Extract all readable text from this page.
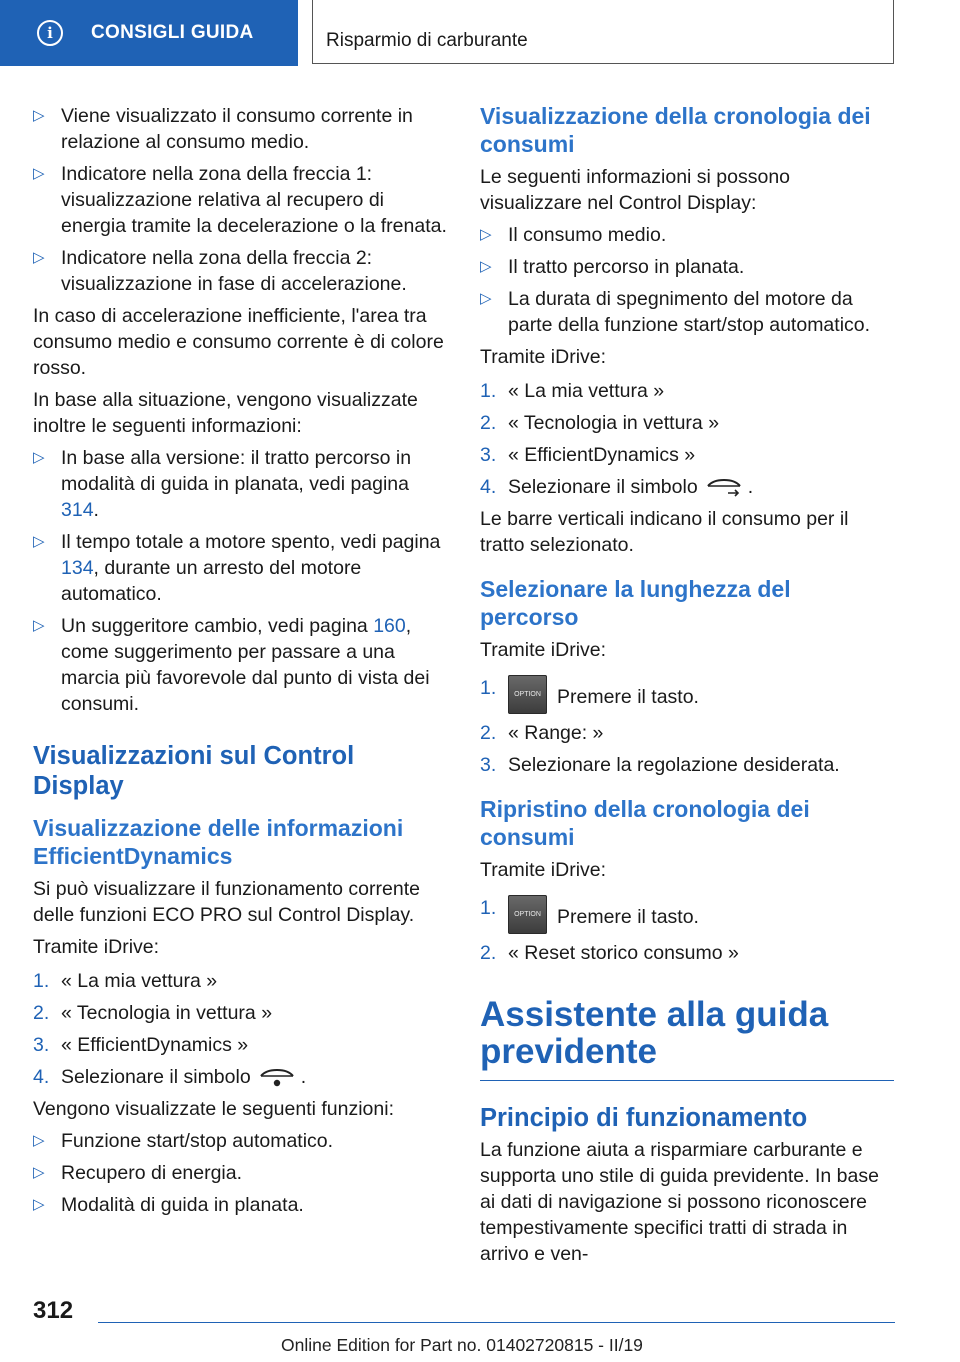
i	CONSIGLI GUIDA	Risparmio di carburante
▷ Viene visualizzato il consumo corrente in relazione al consumo medio.
▷ Indicatore nella zona della freccia 1: visualizzazione relativa al recupero di energia tramite la decelerazione o la frenata.
▷ Indicatore nella zona della freccia 2: visualizzazione in fase di accelerazione.

In caso di accelerazione inefficiente, l'area tra consumo medio e consumo corrente è di colore rosso.

In base alla situazione, vengono visualizzate inoltre le seguenti informazioni:

▷ In base alla versione: il tratto percorso in modalità di guida in planata, vedi pagina 314.
▷ Il tempo totale a motore spento, vedi pagina 134, durante un arresto del motore automatico.
▷ Un suggeritore cambio, vedi pagina 160, come suggerimento per passare a una marcia più favorevole dal punto di vista dei consumi.
Visualizzazioni sul Control Display
Visualizzazione delle informazioni EfficientDynamics

Si può visualizzare il funzionamento corrente delle funzioni ECO PRO sul Control Display.

Tramite iDrive:

1. « La mia vettura »
2. « Tecnologia in vettura »
3. « EfficientDynamics »
4. Selezionare il simbolo	.

Vengono visualizzate le seguenti funzioni:

▷ Funzione start/stop automatico.
▷ Recupero di energia.
▷ Modalità di guida in planata.
Visualizzazione della cronologia dei consumi

Le seguenti informazioni si possono visualizzare nel Control Display:

▷ Il consumo medio.
▷ Il tratto percorso in planata.
▷ La durata di spegnimento del motore da parte della funzione start/stop automatico.

Tramite iDrive:

1. « La mia vettura »
2. « Tecnologia in vettura »
3. « EfficientDynamics »
4. Selezionare il simbolo	.

Le barre verticali indicano il consumo per il tratto selezionato.

Selezionare la lunghezza del percorso

Tramite iDrive:

1.	OPTION Premere il tasto.
2. « Range: »
3. Selezionare la regolazione desiderata.
Ripristino della cronologia dei consumi

Tramite iDrive:

1.	OPTION Premere il tasto.
2. « Reset storico consumo »
Assistente alla guida previdente
Principio di funzionamento

La funzione aiuta a risparmiare carburante e supporta uno stile di guida previdente. In base ai dati di navigazione si possono riconoscere tempestivamente specifici tratti di strada in arrivo e ven-

312
Online Edition for Part no. 01402720815 - II/19
